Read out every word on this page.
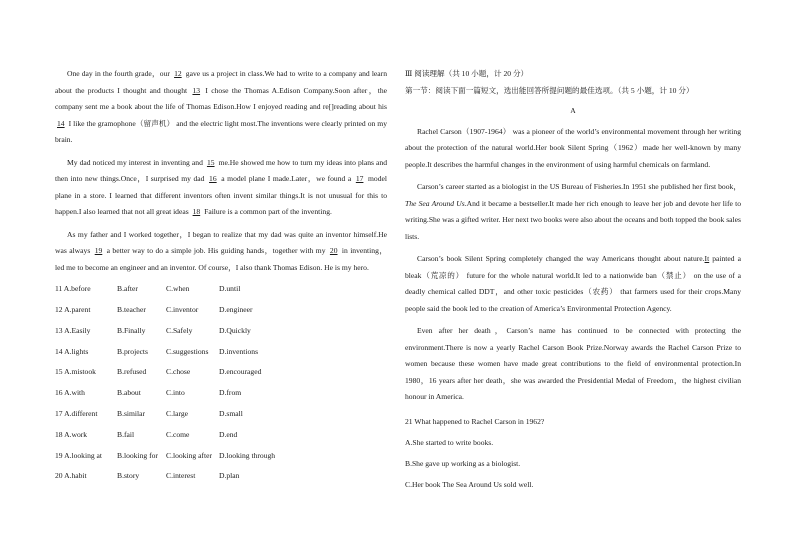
One day in the fourth grade，our 12 gave us a project in class.We had to write to a company and learn about the products I thought and thought 13 I chose the Thomas A.Edison Company.Soon after，the company sent me a book about the life of Thomas Edison.How I enjoyed reading and re[]reading about his 14 I like the gramophone（留声机） and the electric light most.The inventions were clearly printed on my brain.

My dad noticed my interest in inventing and 15 me.He showed me how to turn my ideas into plans and then into new things.Once，I surprised my dad 16 a model plane I made.Later，we found a 17 model plane in a store. I learned that different inventors often invent similar things.It is not unusual for this to happen.I also learned that not all great ideas 18 Failure is a common part of the inventing.

As my father and I worked together，I began to realize that my dad was quite an inventor himself.He was always 19 a better way to do a simple job. His guiding hands，together with my 20 in inventing， led me to become an engineer and an inventor. Of course，I also thank Thomas Edison. He is my hero.

11 A.before	B.after	C.when	D.until
12 A.parent	B.teacher	C.inventor	D.engineer
13 A.Easily	B.Finally	C.Safely	D.Quickly
14 A.lights	B.projects	C.suggestions	D.inventions
15 A.mistook	B.refused	C.chose	D.encouraged
16 A.with	B.about	C.into	D.from
17 A.different	B.similar	C.large	D.small
18 A.work	B.fail	C.come	D.end
19 A.looking at	B.looking for	C.looking after D.looking through
20 A.habit	B.story	C.interest	D.plan

Ⅲ 阅读理解（共 10 小题，计 20 分）

第一节：阅读下面一篇短文，选出能回答所提问题的最佳选项。（共 5 小题，计 10 分）

A

Rachel Carson（1907-1964） was a pioneer of the world’s environmental movement through her writing about the protection of the natural world.Her book Silent Spring（1962）made her well-known by many people.It describes the harmful changes in the environment of using harmful chemicals on farmland.

Carson’s career started as a biologist in the US Bureau of Fisheries.In 1951 she published her first book，The Sea Around Us.And it became a bestseller.It made her rich enough to leave her job and devote her life to writing.She was a gifted writer. Her next two books were also about the oceans and both topped the book sales lists.

Carson’s book Silent Spring completely changed the way Americans thought about nature.It painted a bleak（荒凉的） future for the whole natural world.It led to a nationwide ban（禁止） on the use of a deadly chemical called DDT，and other toxic pesticides（农药） that farmers used for their crops.Many people said the book led to the creation of America’s Environmental Protection Agency.

Even after her death，Carson’s name has continued to be connected with protecting the environment.There is now a yearly Rachel Carson Book Prize.Norway awards the Rachel Carson Prize to women because these women have made great contributions to the field of environmental protection.In 1980，16 years after her death，she was awarded the Presidential Medal of Freedom，the highest civilian honour in America.

21 What happened to Rachel Carson in 1962?

A.She started to write books.

B.She gave up working as a biologist.

C.Her book The Sea Around Us sold well.
